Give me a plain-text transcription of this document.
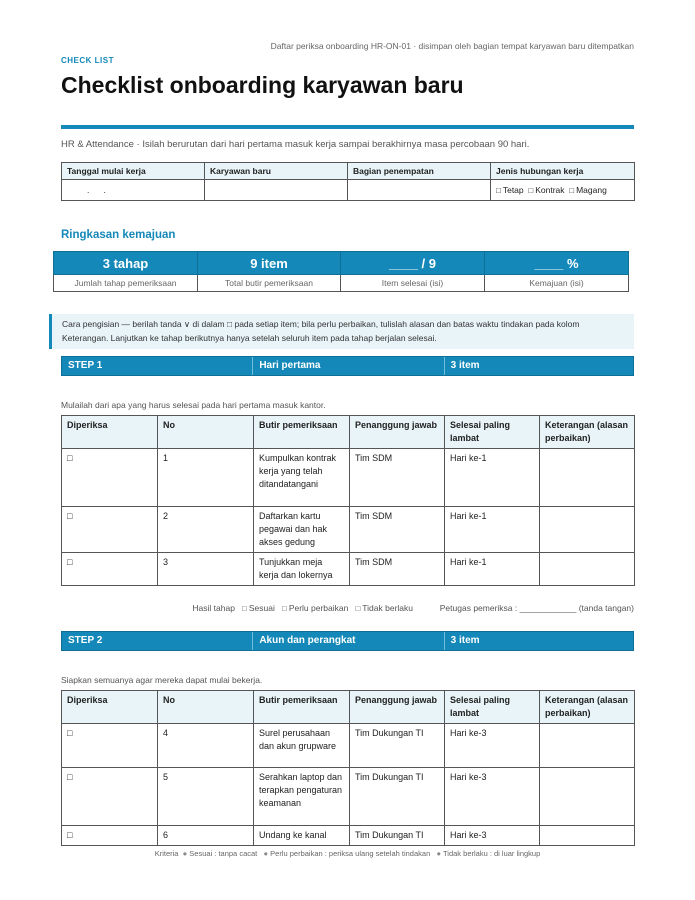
Daftar periksa onboarding HR-ON-01 · disimpan oleh bagian tempat karyawan baru ditempatkan
CHECK LIST
Checklist onboarding karyawan baru
HR & Attendance · Isilah berurutan dari hari pertama masuk kerja sampai berakhirnya masa percobaan 90 hari.
Tanggal mulai kerja	Karyawan baru	Bagian penempatan	Jenis hubungan kerja
.      .			□ Tetap □ Kontrak □ Magang
Ringkasan kemajuan
3 tahap	9 item	____ / 9	____ %
Jumlah tahap pemeriksaan	Total butir pemeriksaan	Item selesai (isi)	Kemajuan (isi)
Cara pengisian — berilah tanda ∨ di dalam □ pada setiap item; bila perlu perbaikan, tulislah alasan dan batas waktu tindakan pada kolom Keterangan. Lanjutkan ke tahap berikutnya hanya setelah seluruh item pada tahap berjalan selesai.
STEP 1	Hari pertama	3 item
Mulailah dari apa yang harus selesai pada hari pertama masuk kantor.
Diperiksa	No	Butir pemeriksaan	Penanggung jawab	Selesai paling lambat	Keterangan (alasan perbaikan)
□	1	Kumpulkan kontrak kerja yang telah ditandatangani	Tim SDM	Hari ke-1	
□	2	Daftarkan kartu pegawai dan hak akses gedung	Tim SDM	Hari ke-1	
□	3	Tunjukkan meja kerja dan lokernya	Tim SDM	Hari ke-1	
Hasil tahap □ Sesuai □ Perlu perbaikan □ Tidak berlaku	Petugas pemeriksa : ____________ (tanda tangan)
STEP 2	Akun dan perangkat	3 item
Siapkan semuanya agar mereka dapat mulai bekerja.
Diperiksa	No	Butir pemeriksaan	Penanggung jawab	Selesai paling lambat	Keterangan (alasan perbaikan)
□	4	Surel perusahaan dan akun grupware	Tim Dukungan TI	Hari ke-3	
□	5	Serahkan laptop dan terapkan pengaturan keamanan	Tim Dukungan TI	Hari ke-3	
□	6	Undang ke kanal	Tim Dukungan TI	Hari ke-3	
Kriteria ● Sesuai : tanpa cacat ● Perlu perbaikan : periksa ulang setelah tindakan ● Tidak berlaku : di luar lingkup
